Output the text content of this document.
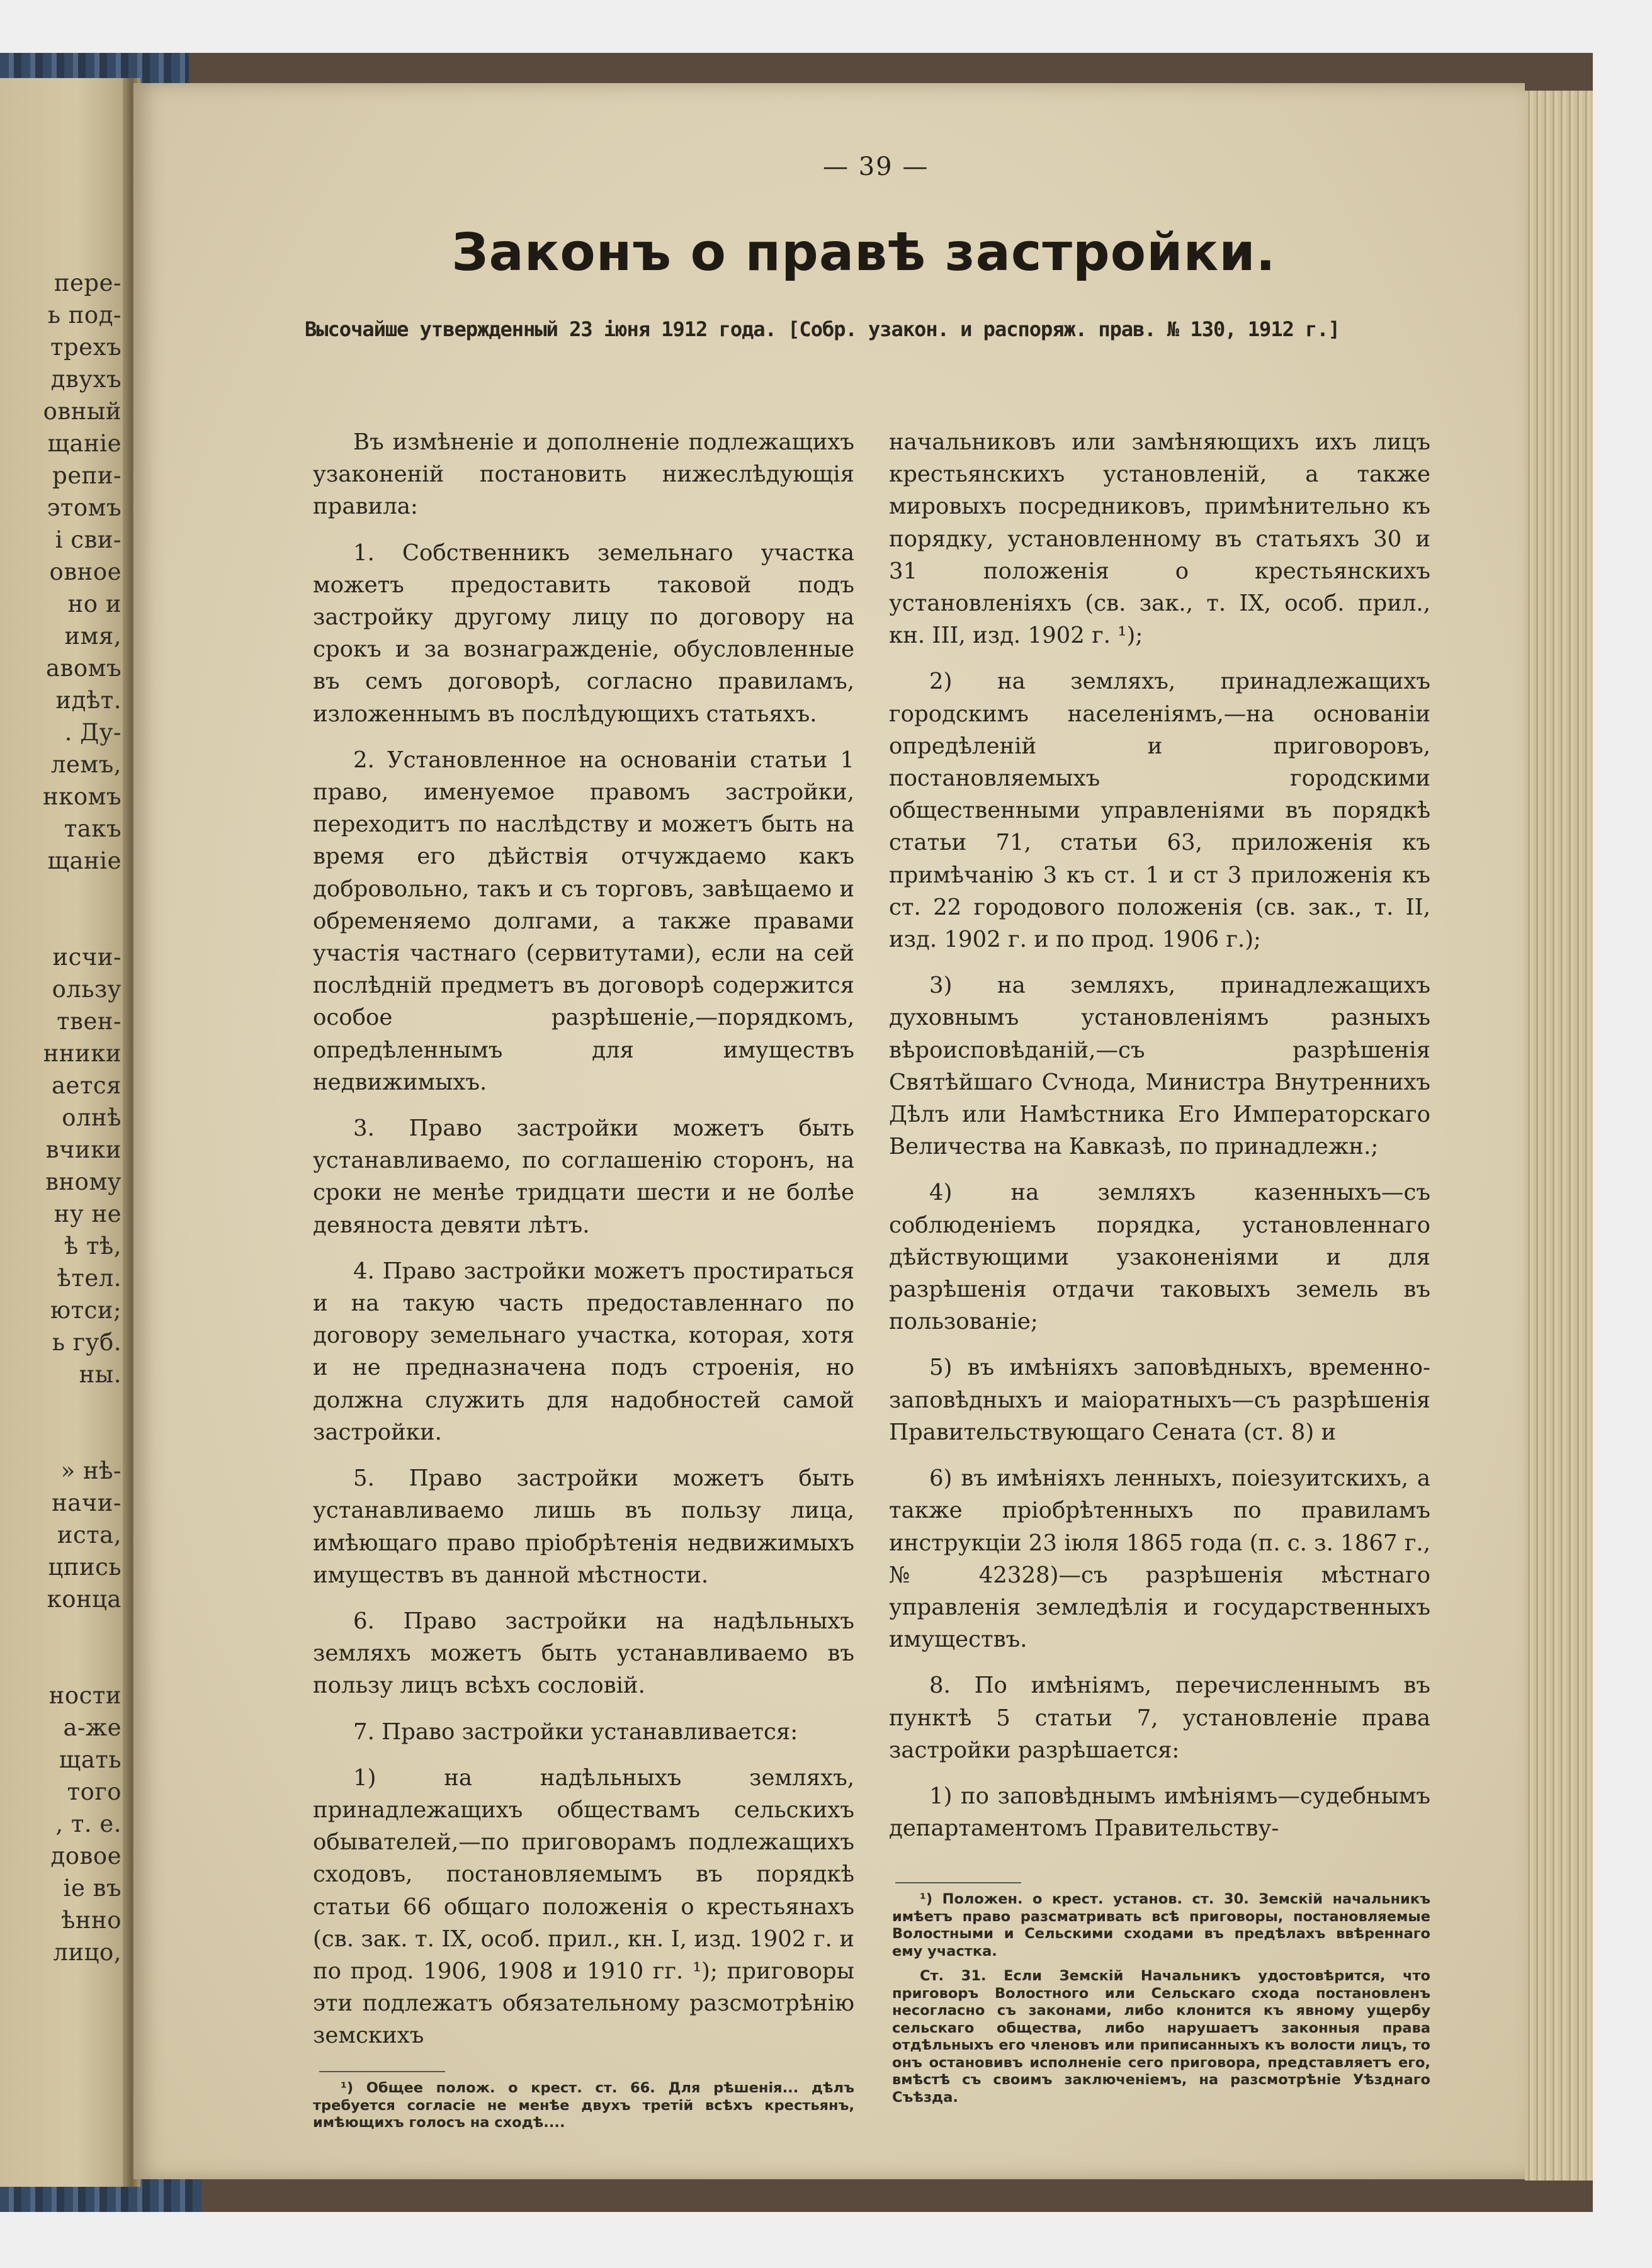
пере-
ь под-
трехъ
двухъ
овный
щаніе
репи-
этомъ
і сви-
овное
но и
имя,
авомъ
идѣт.
. Ду-
лемъ,
нкомъ
такъ
щаніе

исчи-
ользу
твен-
нники
ается
олнѣ
вчики
вному
ну не
ѣ тѣ,
ѣтел.
ютси;
ь губ.
ны.

» нѣ-
начи-
иста,
цпись
конца

ности
а-же
щать
того
, т. е.
довое
іе въ
ѣнно
лицо,
— 39 —
Законъ о правѣ застройки.
Высочайше утвержденный 23 іюня 1912 года. [Собр. узакон. и распоряж. прав. № 130, 1912 г.]

Въ измѣненіе и дополненіе подлежащихъ узаконеній постановить нижеслѣдующія правила:

1. Собственникъ земельнаго участка можетъ предоставить таковой подъ застройку другому лицу по договору на срокъ и за вознагражденіе, обусловленные въ семъ договорѣ, согласно правиламъ, изложеннымъ въ послѣдующихъ статьяхъ.

2. Установленное на основаніи статьи 1 право, именуемое правомъ застройки, переходитъ по наслѣдству и можетъ быть на время его дѣйствія отчуждаемо какъ добровольно, такъ и съ торговъ, завѣщаемо и обременяемо долгами, а также правами участія частнаго (сервитутами), если на сей послѣдній предметъ въ договорѣ содержится особое разрѣшеніе,—порядкомъ, опредѣленнымъ для имуществъ недвижимыхъ.

3. Право застройки можетъ быть устанавливаемо, по соглашенію сторонъ, на сроки не менѣе тридцати шести и не болѣе девяноста девяти лѣтъ.

4. Право застройки можетъ простираться и на такую часть предоставленнаго по договору земельнаго участка, которая, хотя и не предназначена подъ строенія, но должна служить для надобностей самой застройки.

5. Право застройки можетъ быть устанавливаемо лишь въ пользу лица, имѣющаго право пріобрѣтенія недвижимыхъ имуществъ въ данной мѣстности.

6. Право застройки на надѣльныхъ земляхъ можетъ быть устанавливаемо въ пользу лицъ всѣхъ сословій.

7. Право застройки устанавливается:

1) на надѣльныхъ земляхъ, принадлежащихъ обществамъ сельскихъ обывателей,—по приговорамъ подлежащихъ сходовъ, постановляемымъ въ порядкѣ статьи 66 общаго положенія о крестьянахъ (св. зак. т. IX, особ. прил., кн. I, изд. 1902 г. и по прод. 1906, 1908 и 1910 гг. ¹); приговоры эти подлежатъ обязательному разсмотрѣнію земскихъ

начальниковъ или замѣняющихъ ихъ лицъ крестьянскихъ установленій, а также мировыхъ посредниковъ, примѣнительно къ порядку, установленному въ статьяхъ 30 и 31 положенія о крестьянскихъ установленіяхъ (св. зак., т. IX, особ. прил., кн. III, изд. 1902 г. ¹);

2) на земляхъ, принадлежащихъ городскимъ населеніямъ,—на основаніи опредѣленій и приговоровъ, постановляемыхъ городскими общественными управленіями въ порядкѣ статьи 71, статьи 63, приложенія къ примѣчанію 3 къ ст. 1 и ст 3 приложенія къ ст. 22 городового положенія (св. зак., т. II, изд. 1902 г. и по прод. 1906 г.);

3) на земляхъ, принадлежащихъ духовнымъ установленіямъ разныхъ вѣроисповѣданій,—съ разрѣшенія Святѣйшаго Сѵнода, Министра Внутреннихъ Дѣлъ или Намѣстника Его Императорскаго Величества на Кавказѣ, по принадлежн.;

4) на земляхъ казенныхъ—съ соблюденіемъ порядка, установленнаго дѣйствующими узаконеніями и для разрѣшенія отдачи таковыхъ земель въ пользованіе;

5) въ имѣніяхъ заповѣдныхъ, временно-заповѣдныхъ и маіоратныхъ—съ разрѣшенія Правительствующаго Сената (ст. 8) и

6) въ имѣніяхъ ленныхъ, поіезуитскихъ, а также пріобрѣтенныхъ по правиламъ инструкціи 23 іюля 1865 года (п. с. з. 1867 г., № 42328)—съ разрѣшенія мѣстнаго управленія земледѣлія и государственныхъ имуществъ.

8. По имѣніямъ, перечисленнымъ въ пунктѣ 5 статьи 7, установленіе права застройки разрѣшается:

1) по заповѣднымъ имѣніямъ—судебнымъ департаментомъ Правительству-

¹) Общее полож. о крест. ст. 66. Для рѣшенія... дѣлъ требуется согласіе не менѣе двухъ третій всѣхъ крестьянъ, имѣющихъ голосъ на сходѣ....

¹) Положен. о крест. установ. ст. 30. Земскій начальникъ имѣетъ право разсматривать всѣ приговоры, постановляемые Волостными и Сельскими сходами въ предѣлахъ ввѣреннаго ему участка.

Ст. 31. Если Земскій Начальникъ удостовѣрится, что приговоръ Волостного или Сельскаго схода постановленъ несогласно съ законами, либо клонится къ явному ущербу сельскаго общества, либо нарушаетъ законныя права отдѣльныхъ его членовъ или приписанныхъ къ волости лицъ, то онъ остановивъ исполненіе сего приговора, представляетъ его, вмѣстѣ съ своимъ заключеніемъ, на разсмотрѣніе Уѣзднаго Съѣзда.
